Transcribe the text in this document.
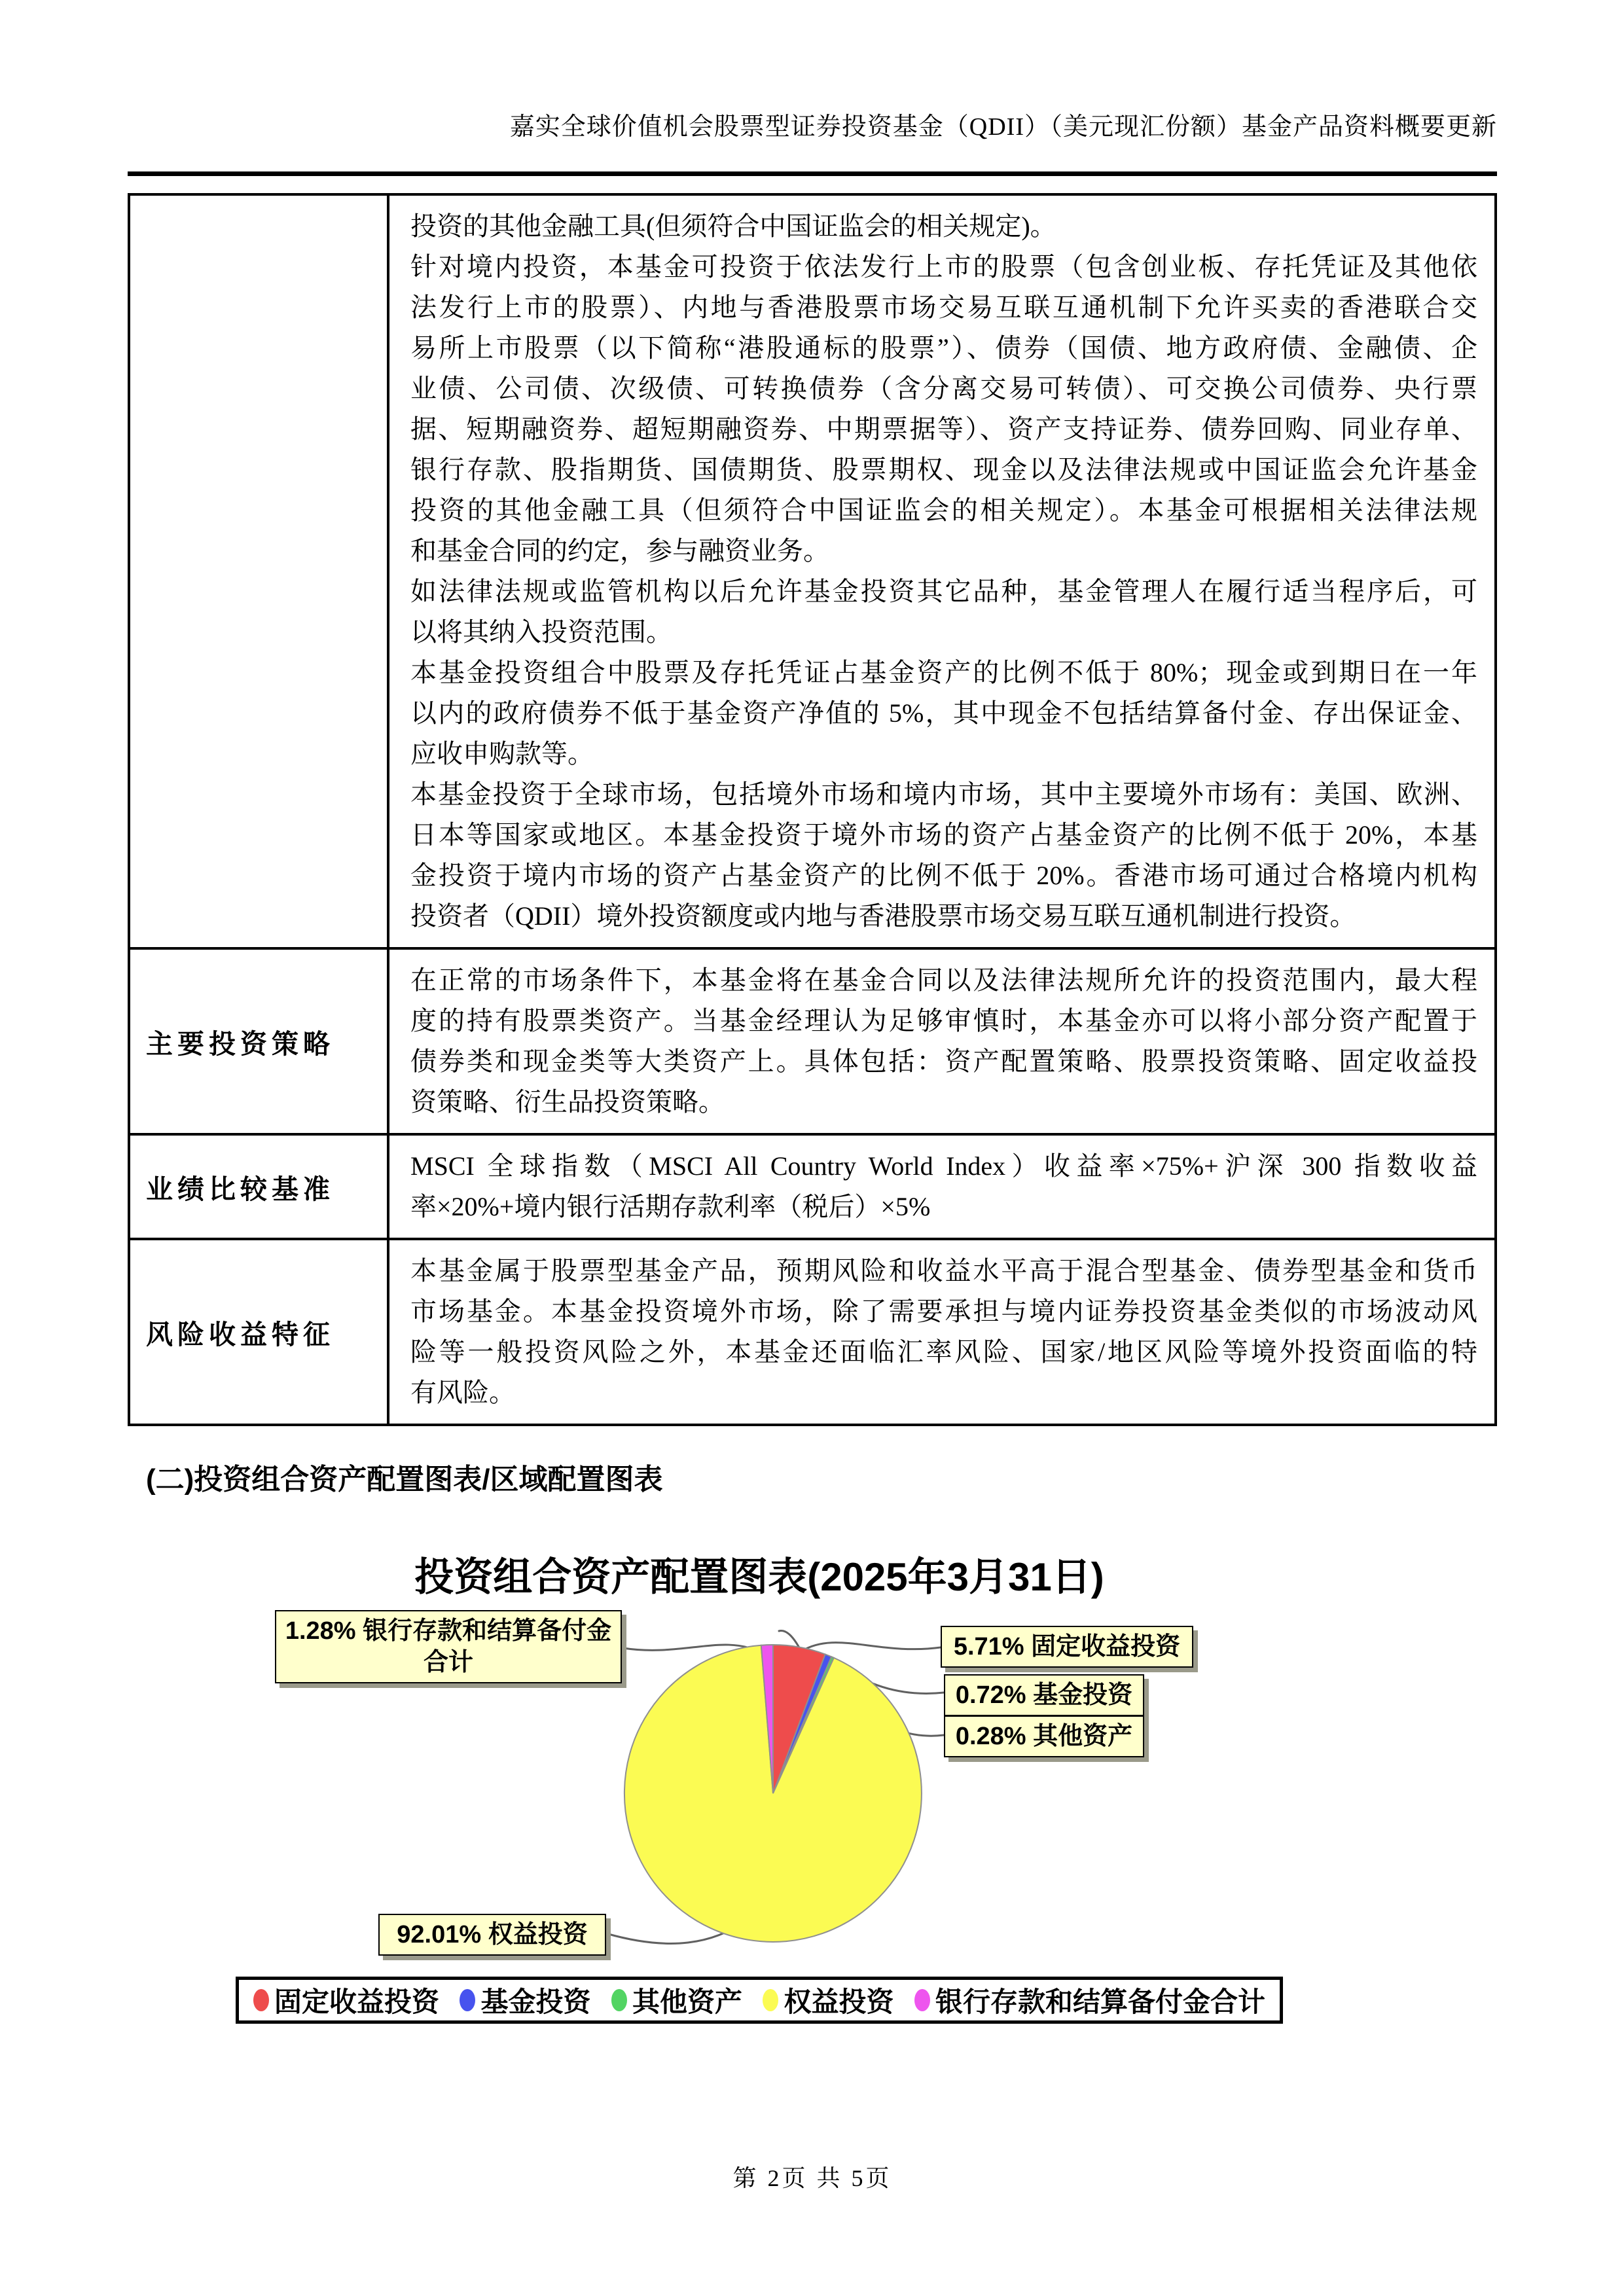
嘉实全球价值机会股票型证券投资基金（QDII）（美元现汇份额）基金产品资料概要更新

投资的其他金融工具(但须符合中国证监会的相关规定)。
针对境内投资，本基金可投资于依法发行上市的股票（包含创业板、存托凭证及其他依
法发行上市的股票）、内地与香港股票市场交易互联互通机制下允许买卖的香港联合交
易所上市股票（以下简称“港股通标的股票”）、债券（国债、地方政府债、金融债、企
业债、公司债、次级债、可转换债券（含分离交易可转债）、可交换公司债券、央行票
据、短期融资券、超短期融资券、中期票据等）、资产支持证券、债券回购、同业存单、
银行存款、股指期货、国债期货、股票期权、现金以及法律法规或中国证监会允许基金
投资的其他金融工具（但须符合中国证监会的相关规定）。本基金可根据相关法律法规
和基金合同的约定，参与融资业务。
如法律法规或监管机构以后允许基金投资其它品种，基金管理人在履行适当程序后，可
以将其纳入投资范围。
本基金投资组合中股票及存托凭证占基金资产的比例不低于 80%；现金或到期日在一年
以内的政府债券不低于基金资产净值的 5%，其中现金不包括结算备付金、存出保证金、
应收申购款等。
本基金投资于全球市场，包括境外市场和境内市场，其中主要境外市场有：美国、欧洲、
日本等国家或地区。本基金投资于境外市场的资产占基金资产的比例不低于 20%，本基
金投资于境内市场的资产占基金资产的比例不低于 20%。香港市场可通过合格境内机构
投资者（QDII）境外投资额度或内地与香港股票市场交易互联互通机制进行投资。

主要投资策略	在正常的市场条件下，本基金将在基金合同以及法律法规所允许的投资范围内，最大程
度的持有股票类资产。当基金经理认为足够审慎时，本基金亦可以将小部分资产配置于
债券类和现金类等大类资产上。具体包括：资产配置策略、股票投资策略、固定收益投
资策略、衍生品投资策略。

业绩比较基准	MSCI 全球指数（MSCI All Country World Index）收益率×75%+沪深 300 指数收益
率×20%+境内银行活期存款利率（税后）×5%

风险收益特征	本基金属于股票型基金产品，预期风险和收益水平高于混合型基金、债券型基金和货币
市场基金。本基金投资境外市场，除了需要承担与境内证券投资基金类似的市场波动风
险等一般投资风险之外，本基金还面临汇率风险、国家/地区风险等境外投资面临的特
有风险。
(二)投资组合资产配置图表/区域配置图表
投资组合资产配置图表(2025年3月31日)
1.28% 银行存款和结算备付金合计
5.71% 固定收益投资
0.72% 基金投资
0.28% 其他资产
92.01% 权益投资
固定收益投资 基金投资 其他资产 权益投资 银行存款和结算备付金合计
第 2页 共 5页
